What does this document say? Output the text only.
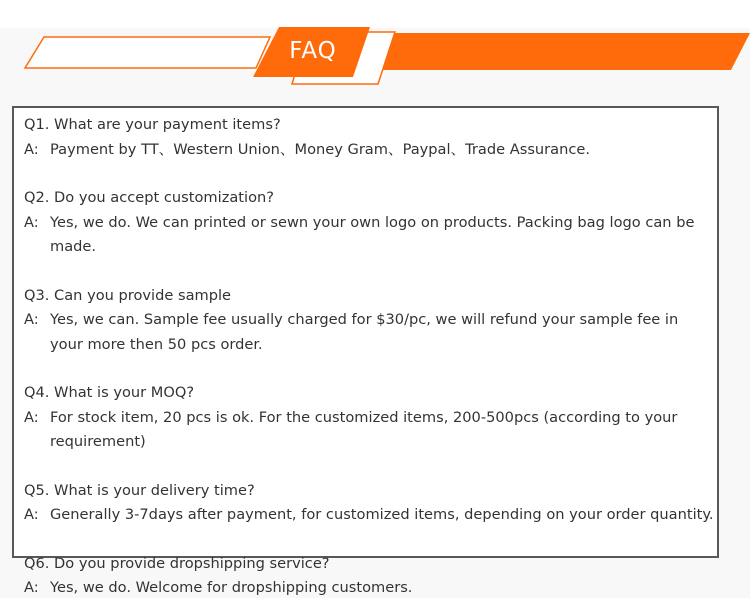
FAQ
Q1. What are your payment items?
A: Payment by TT、Western Union、Money Gram、Paypal、Trade Assurance.
Q2. Do you accept customization?
A: Yes, we do. We can printed or sewn your own logo on products. Packing bag logo can be made.
Q3. Can you provide sample
A: Yes, we can. Sample fee usually charged for $30/pc, we will refund your sample fee in your more then 50 pcs order.
Q4. What is your MOQ?
A: For stock item, 20 pcs is ok. For the customized items, 200-500pcs (according to your requirement)
Q5. What is your delivery time?
A: Generally 3-7days after payment, for customized items, depending on your order quantity.
Q6. Do you provide dropshipping service?
A: Yes, we do. Welcome for dropshipping customers.
